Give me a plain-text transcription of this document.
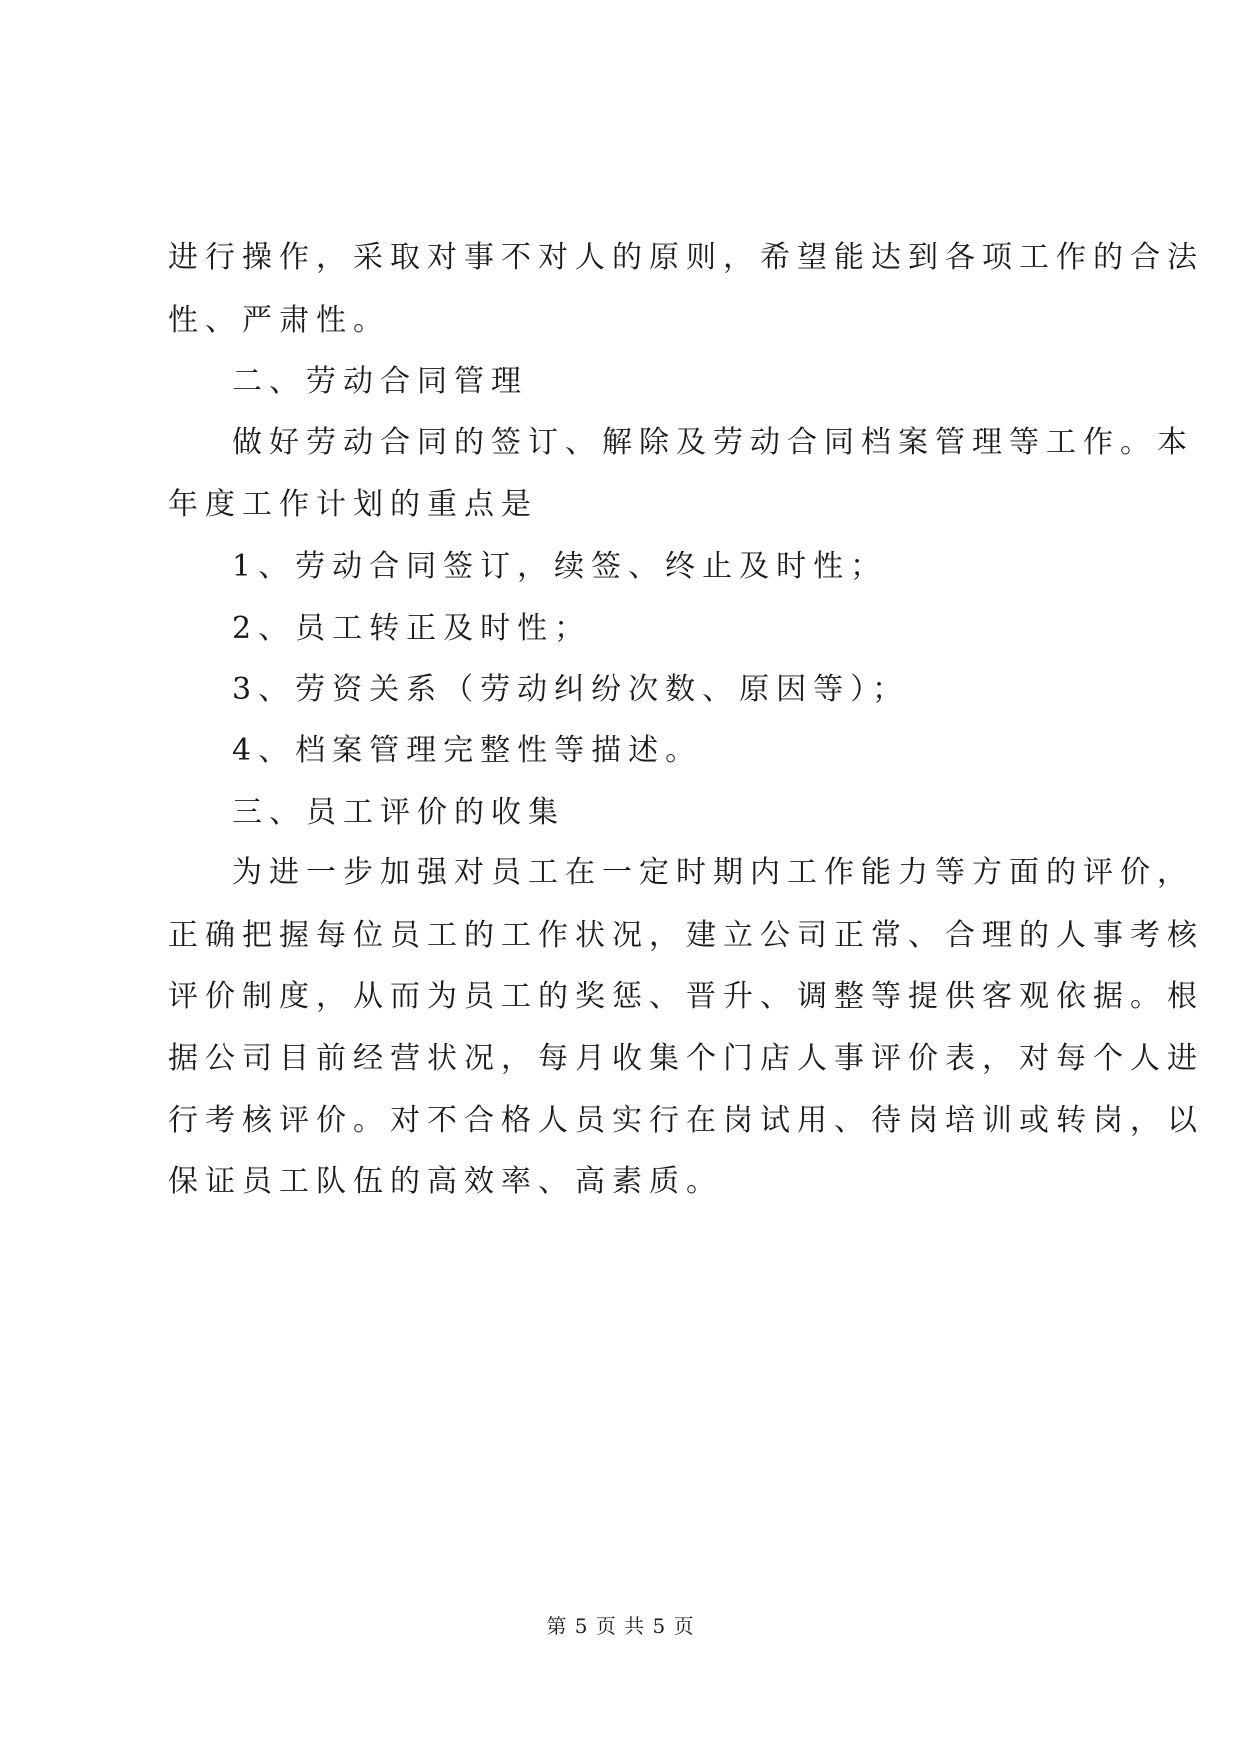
进行操作，采取对事不对人的原则，希望能达到各项工作的合法
性、严肃性。
二、劳动合同管理
做好劳动合同的签订、解除及劳动合同档案管理等工作。本
年度工作计划的重点是
1、劳动合同签订，续签、终止及时性；
2、员工转正及时性；
3、劳资关系（劳动纠纷次数、原因等）；
4、档案管理完整性等描述。
三、员工评价的收集
为进一步加强对员工在一定时期内工作能力等方面的评价，
正确把握每位员工的工作状况，建立公司正常、合理的人事考核
评价制度，从而为员工的奖惩、晋升、调整等提供客观依据。根
据公司目前经营状况，每月收集个门店人事评价表，对每个人进
行考核评价。对不合格人员实行在岗试用、待岗培训或转岗，以
保证员工队伍的高效率、高素质。
第 5 页 共 5 页
